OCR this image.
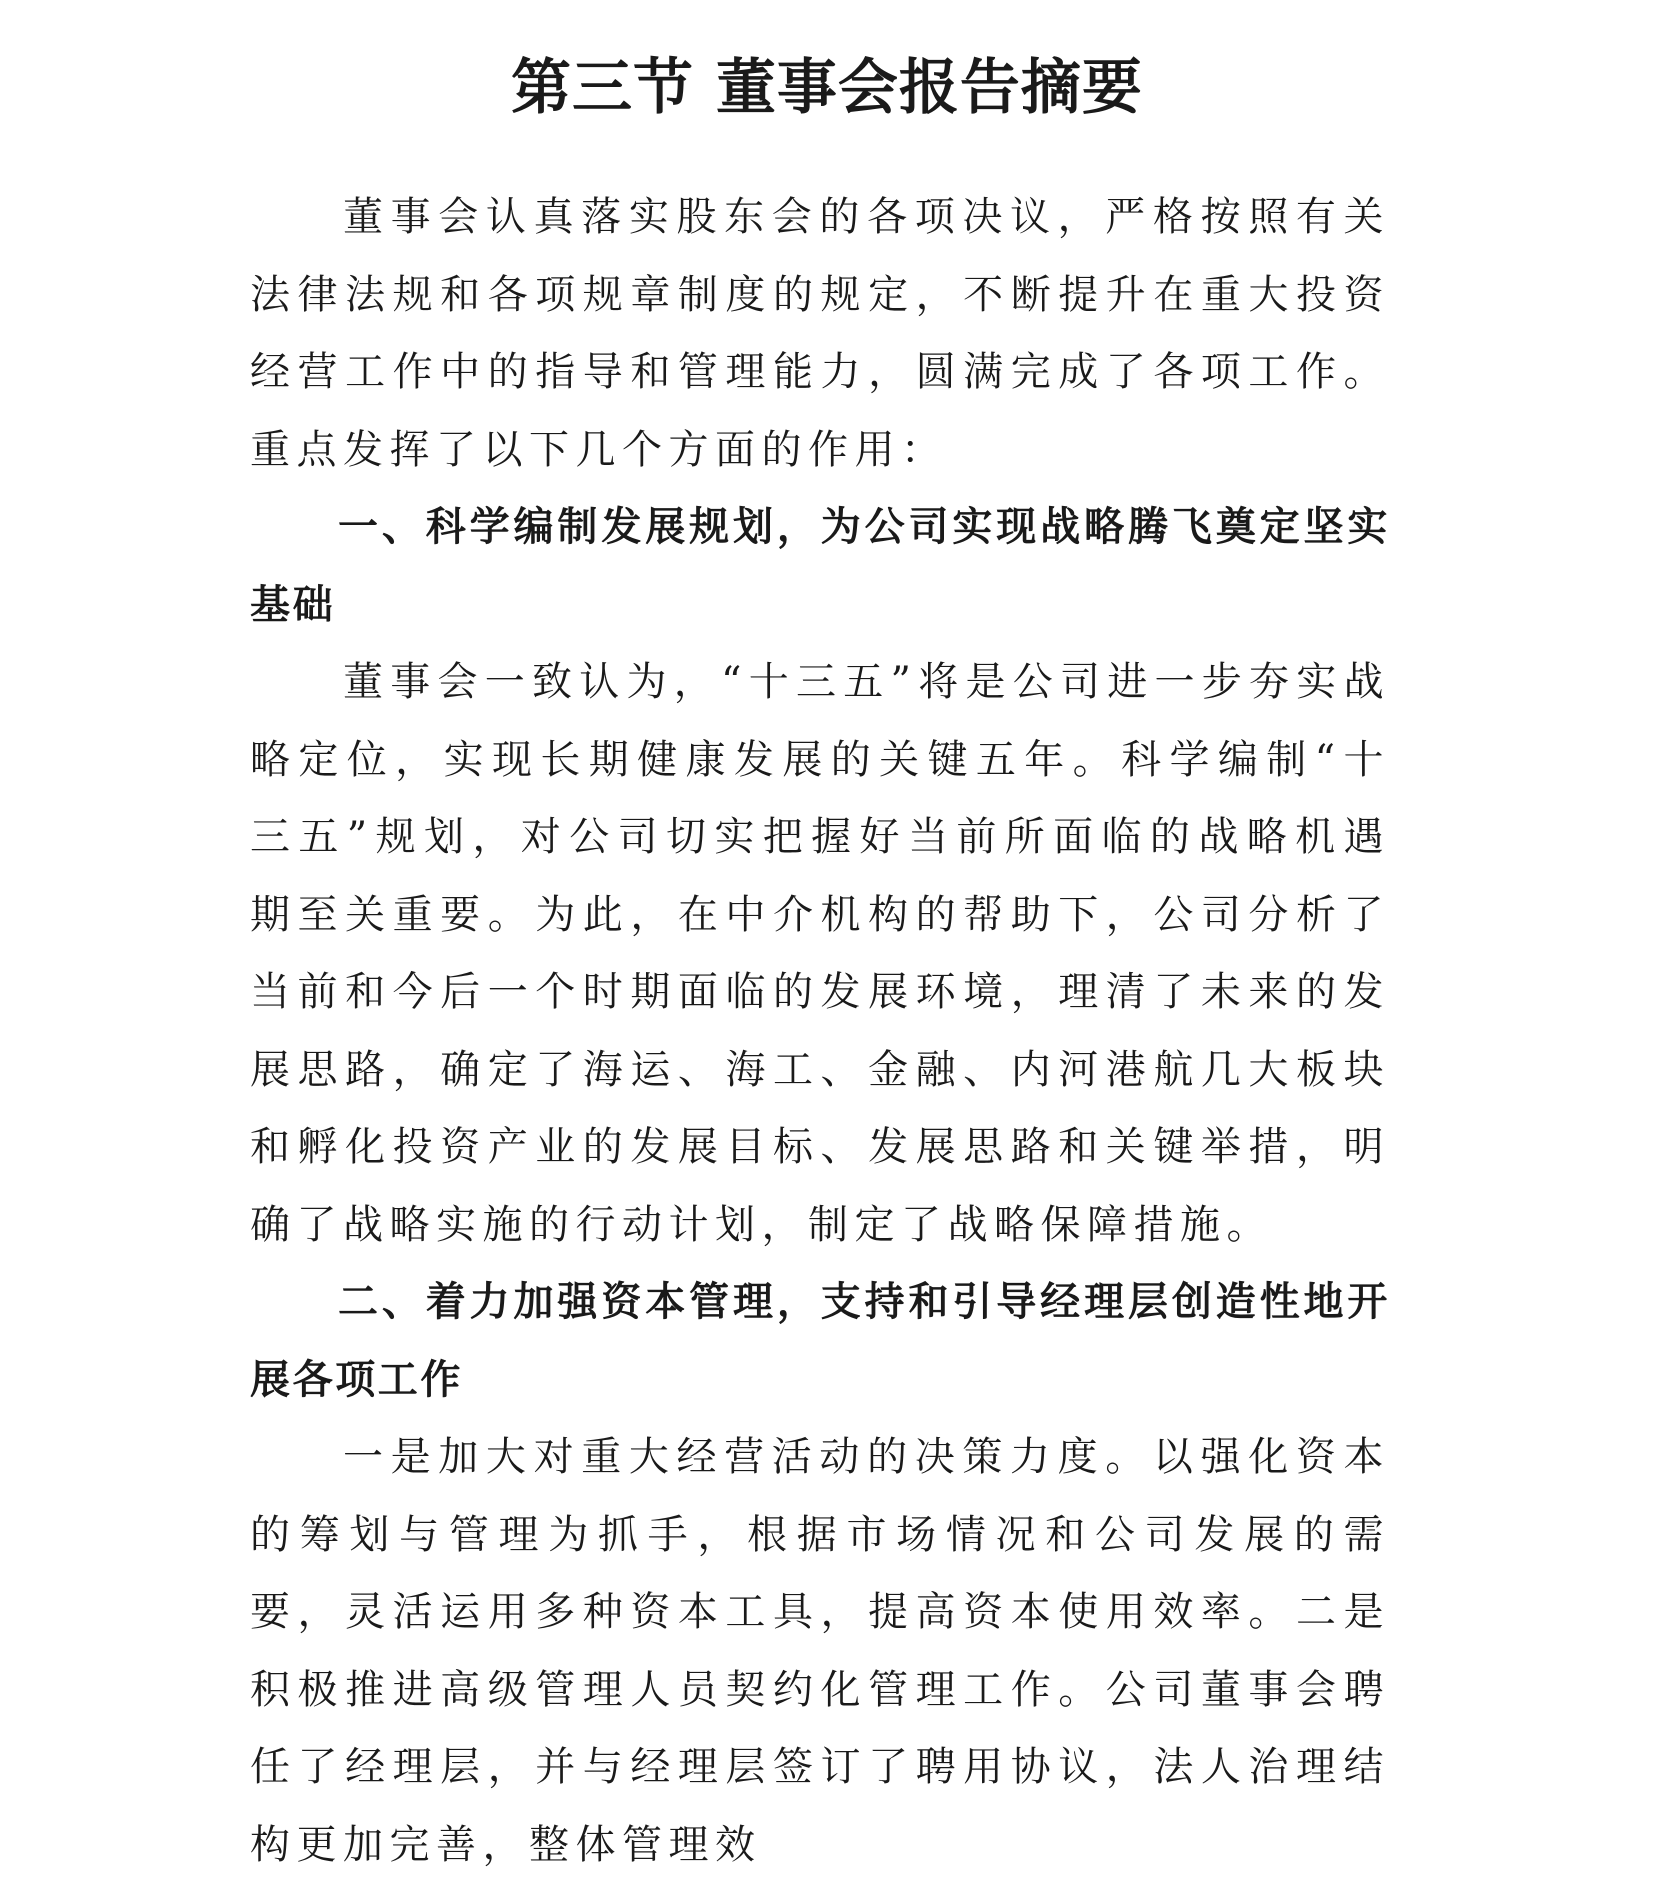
第三节 董事会报告摘要

董事会认真落实股东会的各项决议，严格按照有关法律法规和各项规章制度的规定，不断提升在重大投资经营工作中的指导和管理能力，圆满完成了各项工作。重点发挥了以下几个方面的作用：

一、科学编制发展规划，为公司实现战略腾飞奠定坚实基础

董事会一致认为，“十三五”将是公司进一步夯实战略定位，实现长期健康发展的关键五年。科学编制“十三五”规划，对公司切实把握好当前所面临的战略机遇期至关重要。为此，在中介机构的帮助下，公司分析了当前和今后一个时期面临的发展环境，理清了未来的发展思路，确定了海运、海工、金融、内河港航几大板块和孵化投资产业的发展目标、发展思路和关键举措，明确了战略实施的行动计划，制定了战略保障措施。

二、着力加强资本管理，支持和引导经理层创造性地开展各项工作

一是加大对重大经营活动的决策力度。以强化资本的筹划与管理为抓手，根据市场情况和公司发展的需要，灵活运用多种资本工具，提高资本使用效率。二是积极推进高级管理人员契约化管理工作。公司董事会聘任了经理层，并与经理层签订了聘用协议，法人治理结构更加完善，整体管理效
